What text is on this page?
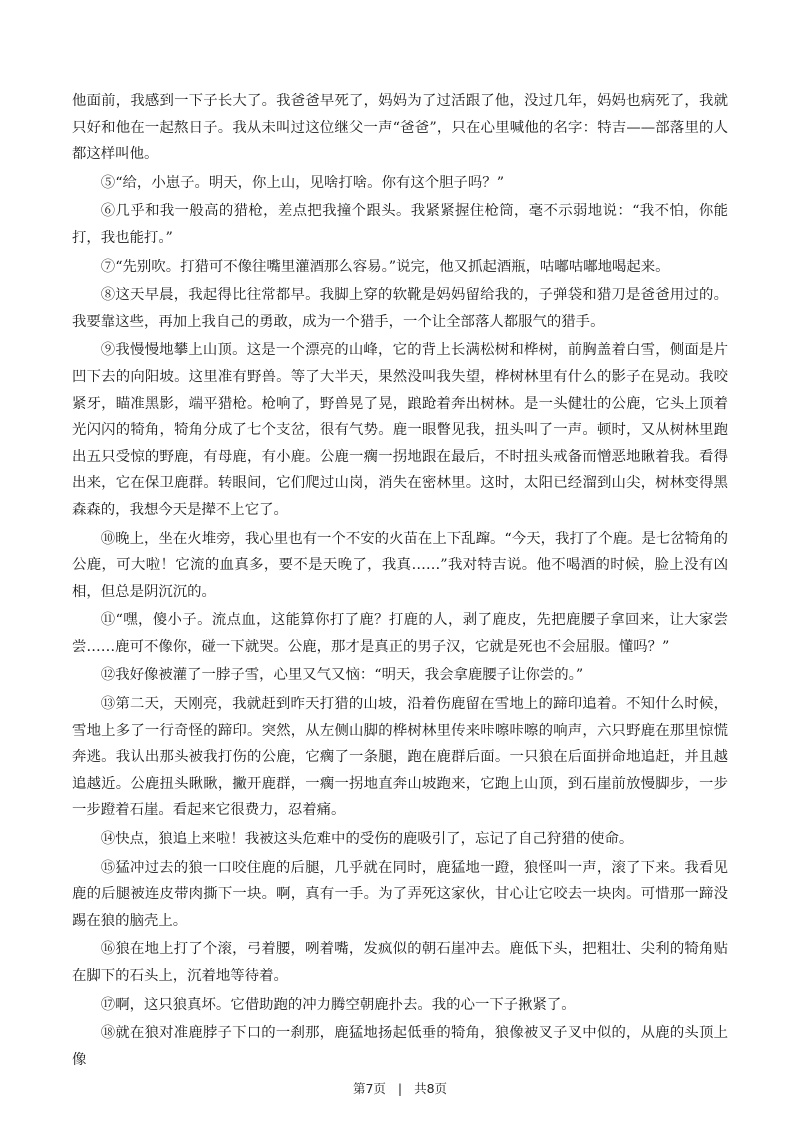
他面前，我感到一下子长大了。我爸爸早死了，妈妈为了过活跟了他，没过几年，妈妈也病死了，我就只好和他在一起熬日子。我从未叫过这位继父一声“爸爸”，只在心里喊他的名字：特吉——部落里的人都这样叫他。

⑤“给，小崽子。明天，你上山，见啥打啥。你有这个胆子吗？”

⑥几乎和我一般高的猎枪，差点把我撞个跟头。我紧紧握住枪筒，毫不示弱地说：“我不怕，你能打，我也能打。”

⑦“先别吹。打猎可不像往嘴里灌酒那么容易。”说完，他又抓起酒瓶，咕嘟咕嘟地喝起来。

⑧这天早晨，我起得比往常都早。我脚上穿的软靴是妈妈留给我的，子弹袋和猎刀是爸爸用过的。我要靠这些，再加上我自己的勇敢，成为一个猎手，一个让全部落人都服气的猎手。

⑨我慢慢地攀上山顶。这是一个漂亮的山峰，它的背上长满松树和桦树，前胸盖着白雪，侧面是片凹下去的向阳坡。这里准有野兽。等了大半天，果然没叫我失望，桦树林里有什么的影子在晃动。我咬紧牙，瞄准黑影，端平猎枪。枪响了，野兽晃了晃，踉跄着奔出树林。是一头健壮的公鹿，它头上顶着光闪闪的犄角，犄角分成了七个支岔，很有气势。鹿一眼瞥见我，扭头叫了一声。顿时，又从树林里跑出五只受惊的野鹿，有母鹿，有小鹿。公鹿一瘸一拐地跟在最后，不时扭头戒备而憎恶地瞅着我。看得出来，它在保卫鹿群。转眼间，它们爬过山岗，消失在密林里。这时，太阳已经溜到山尖，树林变得黑森森的，我想今天是撵不上它了。

⑩晚上，坐在火堆旁，我心里也有一个不安的火苗在上下乱蹿。“今天，我打了个鹿。是七岔犄角的公鹿，可大啦！它流的血真多，要不是天晚了，我真……”我对特吉说。他不喝酒的时候，脸上没有凶相，但总是阴沉沉的。

⑪“嘿，傻小子。流点血，这能算你打了鹿？打鹿的人，剥了鹿皮，先把鹿腰子拿回来，让大家尝尝……鹿可不像你，碰一下就哭。公鹿，那才是真正的男子汉，它就是死也不会屈服。懂吗？”

⑫我好像被灌了一脖子雪，心里又气又恼：“明天，我会拿鹿腰子让你尝的。”

⑬第二天，天刚亮，我就赶到昨天打猎的山坡，沿着伤鹿留在雪地上的蹄印追着。不知什么时候，雪地上多了一行奇怪的蹄印。突然，从左侧山脚的桦树林里传来咔嚓咔嚓的响声，六只野鹿在那里惊慌奔逃。我认出那头被我打伤的公鹿，它瘸了一条腿，跑在鹿群后面。一只狼在后面拼命地追赶，并且越追越近。公鹿扭头瞅瞅，撇开鹿群，一瘸一拐地直奔山坡跑来，它跑上山顶，到石崖前放慢脚步，一步一步蹬着石崖。看起来它很费力，忍着痛。

⑭快点，狼追上来啦！我被这头危难中的受伤的鹿吸引了，忘记了自己狩猎的使命。

⑮猛冲过去的狼一口咬住鹿的后腿，几乎就在同时，鹿猛地一蹬，狼怪叫一声，滚了下来。我看见鹿的后腿被连皮带肉撕下一块。啊，真有一手。为了弄死这家伙，甘心让它咬去一块肉。可惜那一蹄没踢在狼的脑壳上。

⑯狼在地上打了个滚，弓着腰，咧着嘴，发疯似的朝石崖冲去。鹿低下头，把粗壮、尖利的犄角贴在脚下的石头上，沉着地等待着。

⑰啊，这只狼真坏。它借助跑的冲力腾空朝鹿扑去。我的心一下子揪紧了。

⑱就在狼对准鹿脖子下口的一刹那，鹿猛地扬起低垂的犄角，狼像被叉子叉中似的，从鹿的头顶上像

第7页 | 共8页
